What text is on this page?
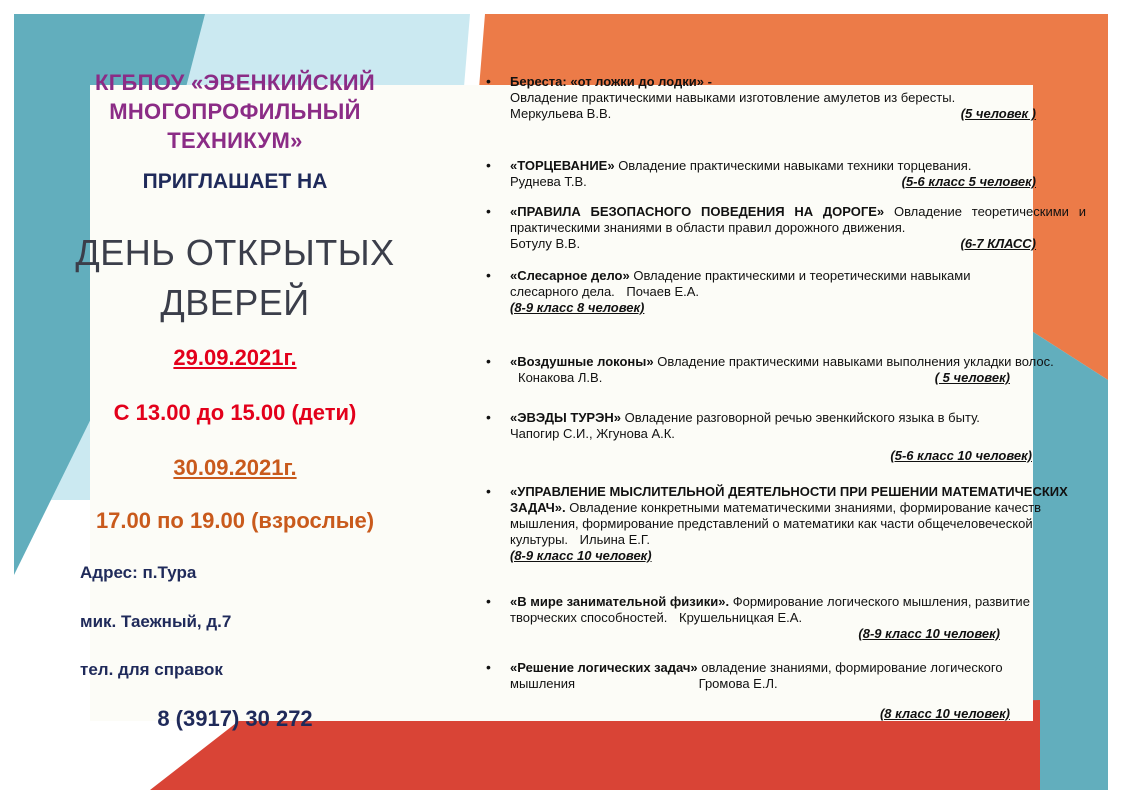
КГБПОУ «ЭВЕНКИЙСКИЙ
МНОГОПРОФИЛЬНЫЙ
ТЕХНИКУМ»
ПРИГЛАШАЕТ НА
ДЕНЬ ОТКРЫТЫХ
ДВЕРЕЙ
29.09.2021г.
С 13.00 до 15.00 (дети)
30.09.2021г.
17.00 по 19.00 (взрослые)
Адрес: п.Тура
мик. Таежный, д.7
тел. для справок
8 (3917) 30 272
• Береста: «от ложки до лодки» -
Овладение практическими навыками изготовление амулетов из бересты.
Меркульева В.В.	(5 человек )
• «ТОРЦЕВАНИЕ» Овладение практическими навыками техники торцевания.
Руднева Т.В.	(5-6 класс 5 человек)
• «ПРАВИЛА БЕЗОПАСНОГО ПОВЕДЕНИЯ НА ДОРОГЕ» Овладение теоретическими и практическими знаниями в области правил дорожного движения.
Ботулу В.В.	(6-7 КЛАСС)
• «Слесарное дело» Овладение практическими и теоретическими навыками слесарного дела. Почаев Е.А.
(8-9 класс 8 человек)
• «Воздушные локоны» Овладение практическими навыками выполнения укладки волос. Конакова Л.В.	( 5 человек)
• «ЭВЭДЫ ТУРЭН» Овладение разговорной речью эвенкийского языка в быту.
Чапогир С.И., Жгунова А.К.
(5-6 класс 10 человек)
• «УПРАВЛЕНИЕ МЫСЛИТЕЛЬНОЙ ДЕЯТЕЛЬНОСТИ ПРИ РЕШЕНИИ МАТЕМАТИЧЕСКИХ ЗАДАЧ». Овладение конкретными математическими знаниями, формирование качеств мышления, формирование представлений о математики как части общечеловеческой культуры. Ильина Е.Г.
(8-9 класс 10 человек)
• «В мире занимательной физики». Формирование логического мышления, развитие творческих способностей. Крушельницкая Е.А.
(8-9 класс 10 человек)
• «Решение логических задач» овладение знаниями, формирование логического мышления	Громова Е.Л.
(8 класс 10 человек)
